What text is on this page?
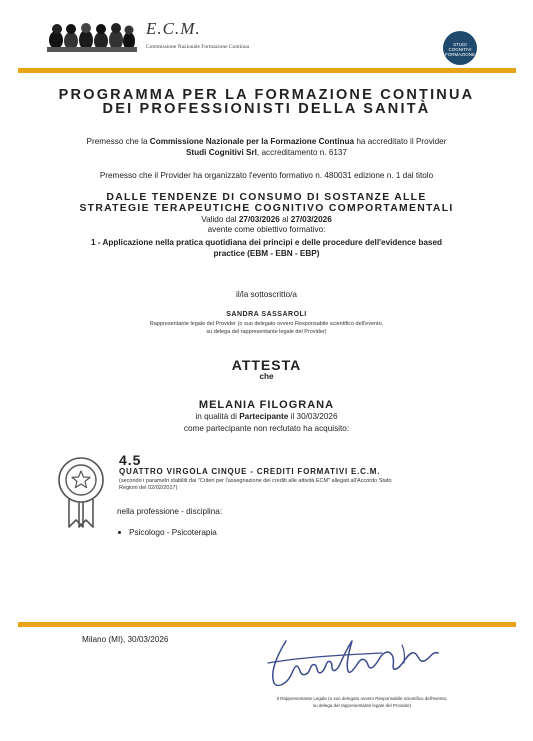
E.C.M.
Commissione Nazionale Formazione Continua	STUDI
COGNITIVI
FORMAZIONE
PROGRAMMA PER LA FORMAZIONE CONTINUA
DEI PROFESSIONISTI DELLA SANITÀ
Premesso che la Commissione Nazionale per la Formazione Continua ha accreditato il Provider
Studi Cognitivi Srl, accreditamento n. 6137
Premesso che il Provider ha organizzato l'evento formativo n. 480031 edizione n. 1 dal titolo
DALLE TENDENZE DI CONSUMO DI SOSTANZE ALLE
STRATEGIE TERAPEUTICHE COGNITIVO COMPORTAMENTALI
Valido dal 27/03/2026 al 27/03/2026
avente come obiettivo formativo:
1 - Applicazione nella pratica quotidiana dei principi e delle procedure dell'evidence based
practice (EBM - EBN - EBP)
il/la sottoscritto/a
SANDRA SASSAROLI
Rappresentante legale del Provider (o suo delegato ovvero Responsabile scientifico dell'evento,
su delega del rappresentante legale del Provider)
ATTESTA
che
MELANIA FILOGRANA
in qualità di Partecipante il 30/03/2026
come partecipante non reclutato ha acquisito:
4.5
QUATTRO VIRGOLA CINQUE - CREDITI FORMATIVI E.C.M.
(secondo i parametri stabiliti dai "Criteri per l'assegnazione dei crediti alle attività ECM" allegati all'Accordo Stato
Regioni del 02/02/2017)
nella professione - disciplina:
Psicologo - Psicoterapia
Milano (MI), 30/03/2026
Il Rappresentante Legale (o suo delegato ovvero Responsabile scientifico dell'evento,
su delega del rappresentante legale del Provider)
